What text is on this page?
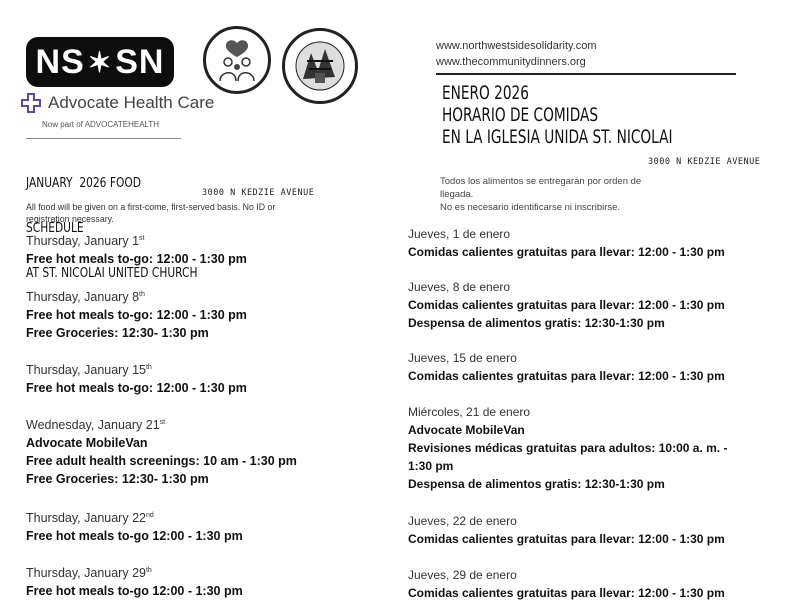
NS ✶ SN
Advocate Health Care
Now part of ADVOCATEHEALTH

JANUARY  2026 FOOD

SCHEDULE

AT ST. NICOLAI UNITED CHURCH

3000 N KEDZIE AVENUE
All food will be given on a first-come, first-served basis. No ID or registration necessary.
Thursday, January 1st
Free hot meals to-go: 12:00 - 1:30 pm
Thursday, January 8th
Free hot meals to-go: 12:00 - 1:30 pm
Free Groceries: 12:30- 1:30 pm
Thursday, January 15th
Free hot meals to-go: 12:00 - 1:30 pm
Wednesday, January 21st
Advocate MobileVan
Free adult health screenings: 10 am - 1:30 pm
Free Groceries: 12:30- 1:30 pm
Thursday, January 22nd
Free hot meals to-go 12:00 - 1:30 pm
Thursday, January 29th
Free hot meals to-go 12:00 - 1:30 pm
www.northwestsidesolidarity.com
www.thecommunitydinners.org
ENERO 2026
HORARIO DE COMIDAS
EN LA IGLESIA UNIDA ST. NICOLAI
3000 N KEDZIE AVENUE
Todos los alimentos se entregarán por orden de
llegada.
No es necesario identificarse ni inscribirse.
Jueves, 1 de enero
Comidas calientes gratuitas para llevar: 12:00 - 1:30 pm
Jueves, 8 de enero
Comidas calientes gratuitas para llevar: 12:00 - 1:30 pm
Despensa de alimentos gratis: 12:30-1:30 pm
Jueves, 15 de enero
Comidas calientes gratuitas para llevar: 12:00 - 1:30 pm
Miércoles, 21 de enero
Advocate MobileVan
Revisiones médicas gratuitas para adultos: 10:00 a. m. -
1:30 pm
Despensa de alimentos gratis: 12:30-1:30 pm
Jueves, 22 de enero
Comidas calientes gratuitas para llevar: 12:00 - 1:30 pm
Jueves, 29 de enero
Comidas calientes gratuitas para llevar: 12:00 - 1:30 pm
